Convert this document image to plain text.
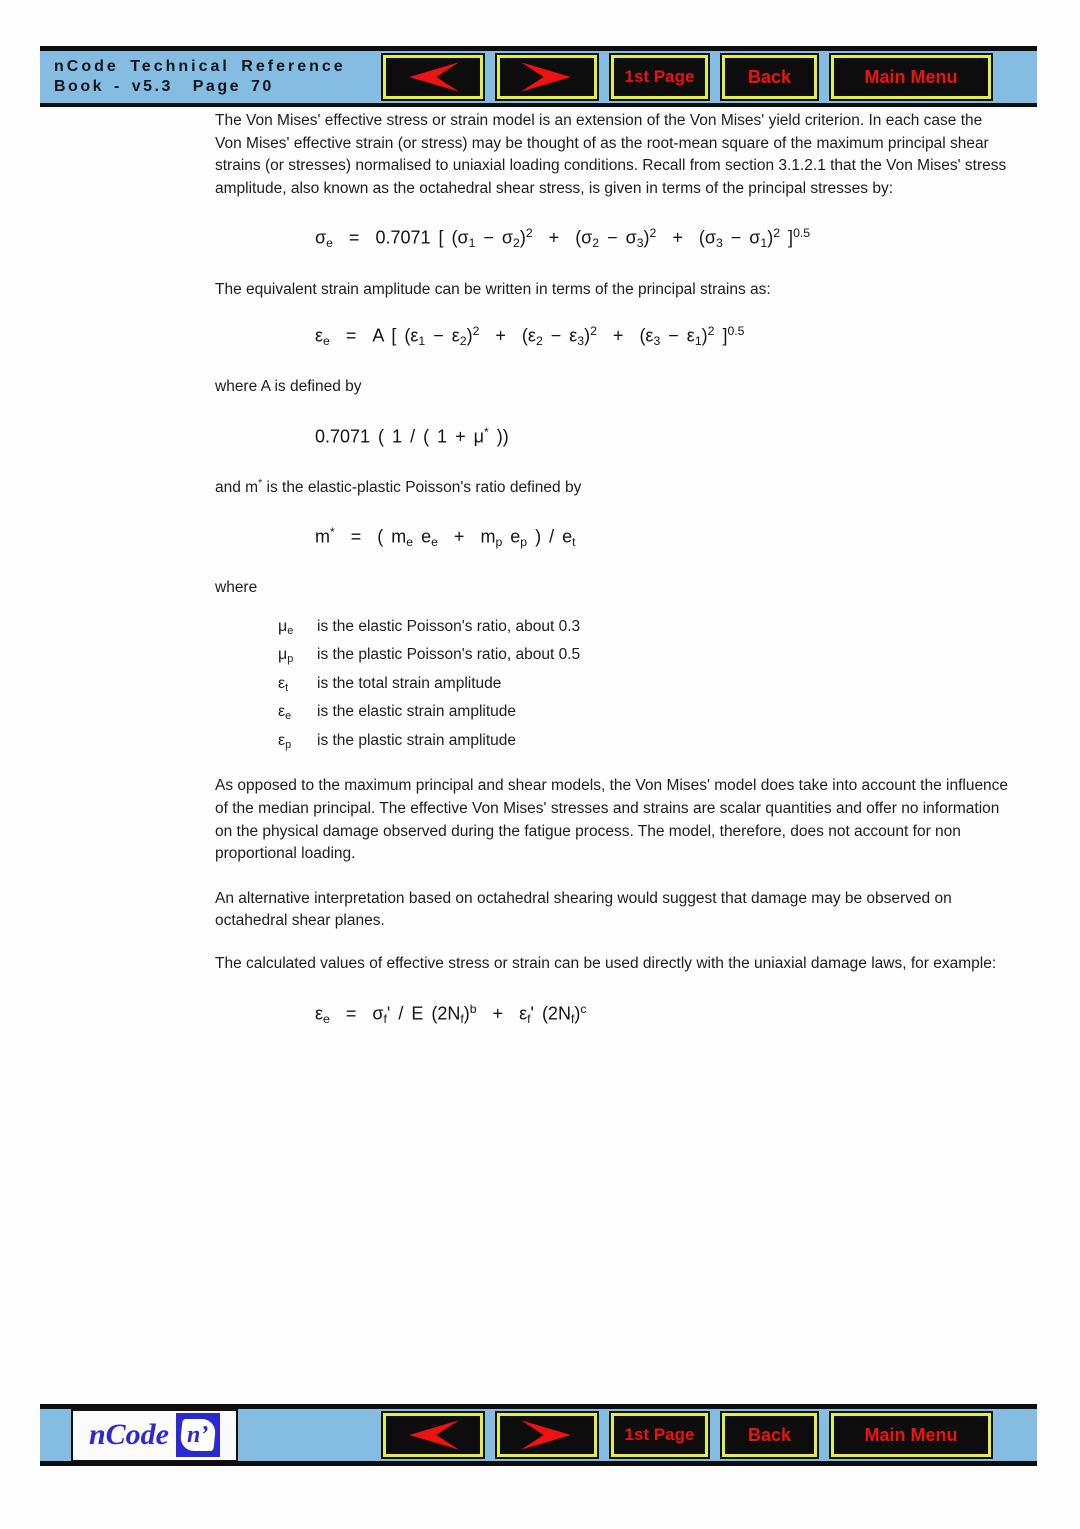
nCode Technical Reference
Book - v5.3  Page 70
1st Page	Back	Main Menu

The Von Mises' effective stress or strain model is an extension of the Von Mises' yield criterion. In each case the Von Mises' effective strain (or stress) may be thought of as the root-mean square of the maximum principal shear strains (or stresses) normalised to uniaxial loading conditions. Recall from section 3.1.2.1 that the Von Mises' stress amplitude, also known as the octahedral shear stress, is given in terms of the principal stresses by:

$\sigma_e = 0.7071$ [ $(\sigma_1 - \sigma_2)^2 + (\sigma_2 - \sigma_3)^2 + (\sigma_3 - \sigma_1)^2$ ]$^{0.5}$

The equivalent strain amplitude can be written in terms of the principal strains as:

$\varepsilon_e = A$ [ $(\varepsilon_1 - \varepsilon_2)^2 + (\varepsilon_2 - \varepsilon_3)^2 + (\varepsilon_3 - \varepsilon_1)^2$ ]$^{0.5}$

where A is defined by

0.7071 ( 1 / ( 1 + μ* ))

and m* is the elastic-plastic Poisson's ratio defined by

m*  =  ( $m_e$ $e_e + m_p$ $e_p$ ) / $e_t$

where

$\mu_e$	is the elastic Poisson's ratio, about 0.3
$\mu_p$	is the plastic Poisson's ratio, about 0.5
$\varepsilon_t$	is the total strain amplitude
$\varepsilon_e$	is the elastic strain amplitude
$\varepsilon_p$	is the plastic strain amplitude

As opposed to the maximum principal and shear models, the Von Mises' model does take into account the influence of the median principal. The effective Von Mises' stresses and strains are scalar quantities and offer no information on the physical damage observed during the fatigue process. The model, therefore, does not account for non proportional loading.

An alternative interpretation based on octahedral shearing would suggest that damage may be observed on octahedral shear planes.

The calculated values of effective stress or strain can be used directly with the uniaxial damage laws, for example:

$\varepsilon_e = \sigma_f' / E$ $(2N_f)^b + \varepsilon_f'$ $(2N_f)^c$
nCode n’	1st Page	Back	Main Menu
